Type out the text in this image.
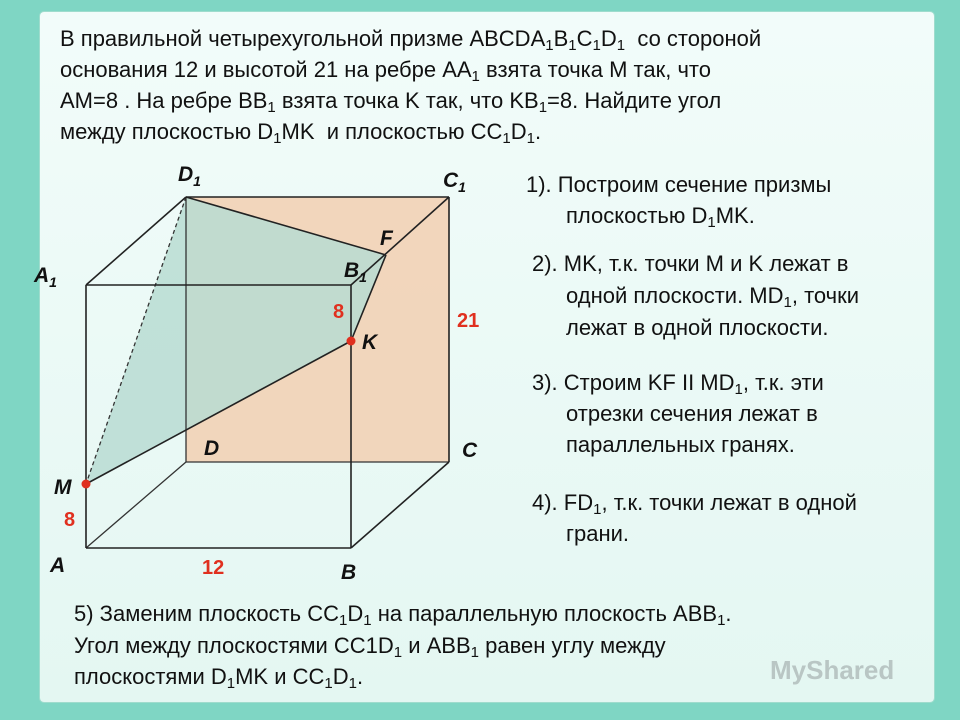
В правильной четырехугольной призме $ABCDA_1B_1C_1D_1$  со стороной
основания 12 и высотой 21 на ребре $AA_1$ взята точка M так, что
AM=8 . На ребре $BB_1$ взята точка K так, что $KB_1=8$. Найдите угол
между плоскостью $D_1MK$  и плоскостью $CC_1D_1$.
$D_1$	$C_1$
$A_1$	$B_1$
F
K
D	C
M
A	B
8	21
8
12
1). Построим сечение призмы
плоскостью $D_1MK$.
2). MK, т.к. точки M и K лежат в
одной плоскости. $MD_1$, точки
лежат в одной плоскости.
3). Строим KF II $MD_1$, т.к. эти
отрезки сечения лежат в
параллельных гранях.
4). $FD_1$, т.к. точки лежат в одной
грани.
5) Заменим плоскость $CC_1D_1$ на параллельную плоскость $ABB_1$.
Угол между плоскостями $CC1D_1$ и $ABB_1$ равен углу между
плоскостями $D_1MK$ и $CC_1D_1$.	MyShared
